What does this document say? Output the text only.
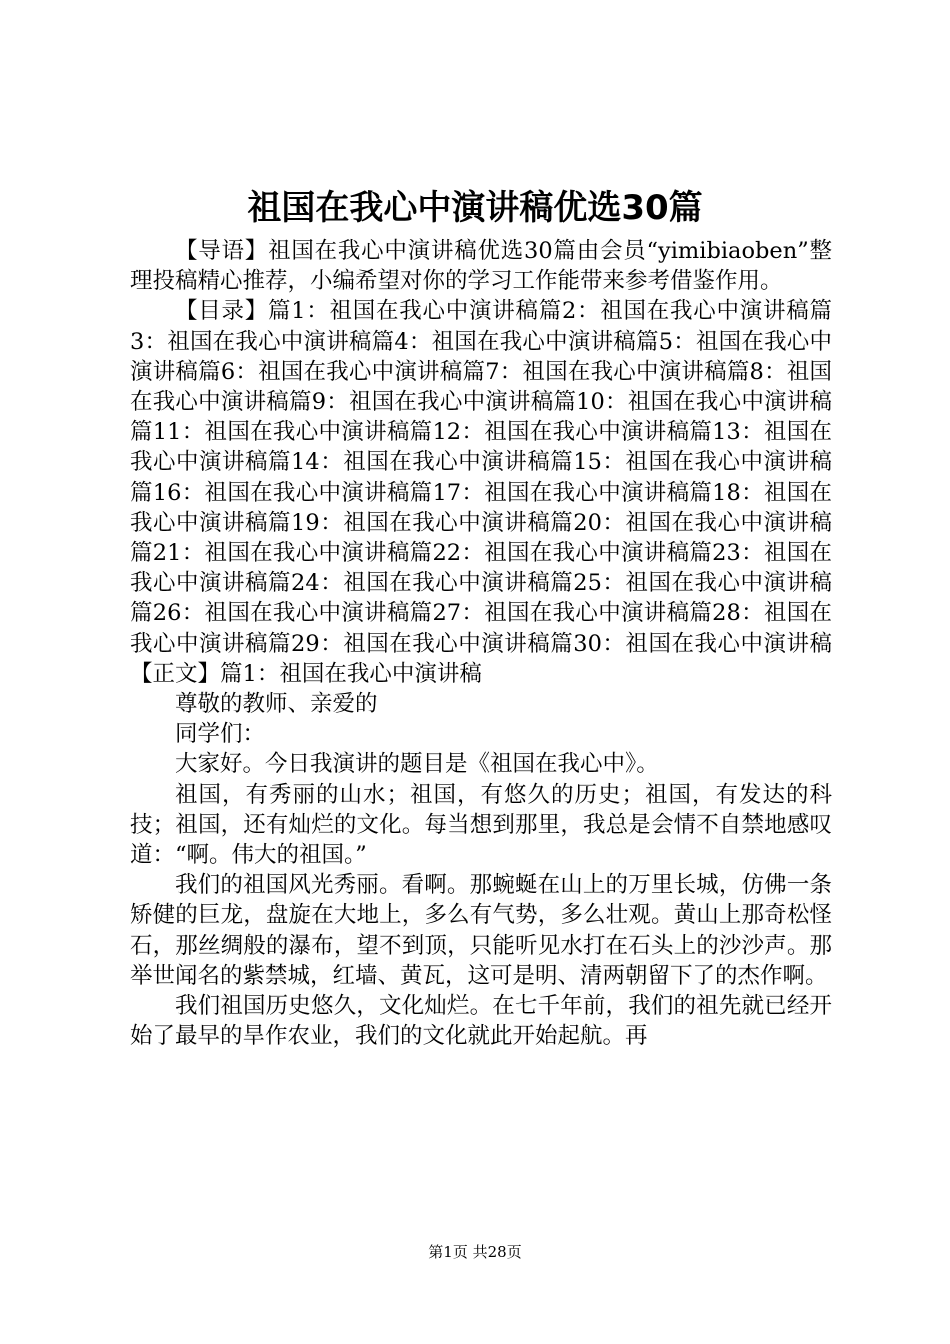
祖国在我心中演讲稿优选30篇

【导语】祖国在我心中演讲稿优选30篇由会员“yimibiaoben”整理投稿精心推荐，小编希望对你的学习工作能带来参考借鉴作用。

【目录】篇1：祖国在我心中演讲稿篇2：祖国在我心中演讲稿篇3：祖国在我心中演讲稿篇4：祖国在我心中演讲稿篇5：祖国在我心中演讲稿篇6：祖国在我心中演讲稿篇7：祖国在我心中演讲稿篇8：祖国在我心中演讲稿篇9：祖国在我心中演讲稿篇10：祖国在我心中演讲稿篇11：祖国在我心中演讲稿篇12：祖国在我心中演讲稿篇13：祖国在我心中演讲稿篇14：祖国在我心中演讲稿篇15：祖国在我心中演讲稿篇16：祖国在我心中演讲稿篇17：祖国在我心中演讲稿篇18：祖国在我心中演讲稿篇19：祖国在我心中演讲稿篇20：祖国在我心中演讲稿篇21：祖国在我心中演讲稿篇22：祖国在我心中演讲稿篇23：祖国在我心中演讲稿篇24：祖国在我心中演讲稿篇25：祖国在我心中演讲稿篇26：祖国在我心中演讲稿篇27：祖国在我心中演讲稿篇28：祖国在我心中演讲稿篇29：祖国在我心中演讲稿篇30：祖国在我心中演讲稿【正文】篇1：祖国在我心中演讲稿

尊敬的教师、亲爱的

同学们：

大家好。今日我演讲的题目是《祖国在我心中》。

祖国，有秀丽的山水；祖国，有悠久的历史；祖国，有发达的科技；祖国，还有灿烂的文化。每当想到那里，我总是会情不自禁地感叹道：“啊。伟大的祖国。”

我们的祖国风光秀丽。看啊。那蜿蜒在山上的万里长城，仿佛一条矫健的巨龙，盘旋在大地上，多么有气势，多么壮观。黄山上那奇松怪石，那丝绸般的瀑布，望不到顶，只能听见水打在石头上的沙沙声。那举世闻名的紫禁城，红墙、黄瓦，这可是明、清两朝留下了的杰作啊。

我们祖国历史悠久，文化灿烂。在七千年前，我们的祖先就已经开始了最早的旱作农业，我们的文化就此开始起航。再

第1页 共28页
